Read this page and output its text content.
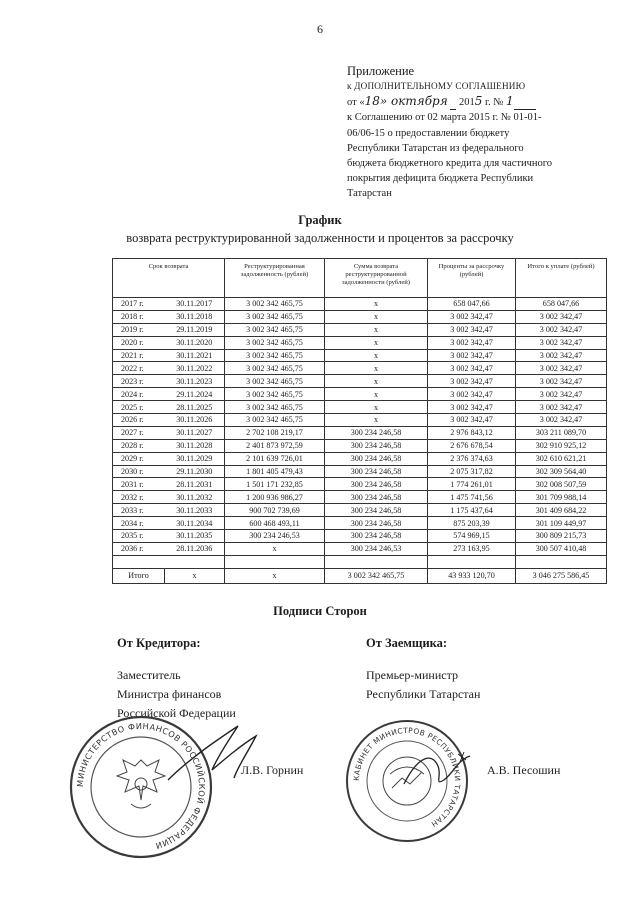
6
Приложение
к ДОПОЛНИТЕЛЬНОМУ СОГЛАШЕНИЮ
от «18» октября 2015 г. № 1
к Соглашению от 02 марта 2015 г. № 01-01-
06/06-15 о предоставлении бюджету
Республики Татарстан из федерального
бюджета бюджетного кредита для частичного
покрытия дефицита бюджета Республики
Татарстан
График
возврата реструктурированной задолженности и процентов за рассрочку
Срок возврата		Реструктурированная задолженность (рублей)	Сумма возврата реструктурированной задолженности (рублей)	Проценты за рассрочку (рублей)	Итого к уплате (рублей)
2017 г.	30.11.2017	3 002 342 465,75	x	658 047,66	658 047,66
2018 г.	30.11.2018	3 002 342 465,75	x	3 002 342,47	3 002 342,47
2019 г.	29.11.2019	3 002 342 465,75	x	3 002 342,47	3 002 342,47
2020 г.	30.11.2020	3 002 342 465,75	x	3 002 342,47	3 002 342,47
2021 г.	30.11.2021	3 002 342 465,75	x	3 002 342,47	3 002 342,47
2022 г.	30.11.2022	3 002 342 465,75	x	3 002 342,47	3 002 342,47
2023 г.	30.11.2023	3 002 342 465,75	x	3 002 342,47	3 002 342,47
2024 г.	29.11.2024	3 002 342 465,75	x	3 002 342,47	3 002 342,47
2025 г.	28.11.2025	3 002 342 465,75	x	3 002 342,47	3 002 342,47
2026 г.	30.11.2026	3 002 342 465,75	x	3 002 342,47	3 002 342,47
2027 г.	30.11.2027	2 702 108 219,17	300 234 246,58	2 976 843,12	303 211 089,70
2028 г.	30.11.2028	2 401 873 972,59	300 234 246,58	2 676 678,54	302 910 925,12
2029 г.	30.11.2029	2 101 639 726,01	300 234 246,58	2 376 374,63	302 610 621,21
2030 г.	29.11.2030	1 801 405 479,43	300 234 246,58	2 075 317,82	302 309 564,40
2031 г.	28.11.2031	1 501 171 232,85	300 234 246,58	1 774 261,01	302 008 507,59
2032 г.	30.11.2032	1 200 936 986,27	300 234 246,58	1 475 741,56	301 709 988,14
2033 г.	30.11.2033	900 702 739,69	300 234 246,58	1 175 437,64	301 409 684,22
2034 г.	30.11.2034	600 468 493,11	300 234 246,58	875 203,39	301 109 449,97
2035 г.	30.11.2035	300 234 246,53	300 234 246,58	574 969,15	300 809 215,73
2036 г.	28.11.2036	x	300 234 246,53	273 163,95	300 507 410,48

Итого	x	x	3 002 342 465,75	43 933 120,70	3 046 275 586,45
Подписи Сторон
От Кредитора:	От Заемщика:
Заместитель
Министра финансов
Российской Федерации
Премьер-министр
Республики Татарстан
МИНИСТЕРСТВО ФИНАНСОВ РОССИЙСКОЙ ФЕДЕРАЦИИ
Л.В. Горнин
КАБИНЕТ МИНИСТРОВ РЕСПУБЛИКИ ТАТАРСТАН
А.В. Песошин
